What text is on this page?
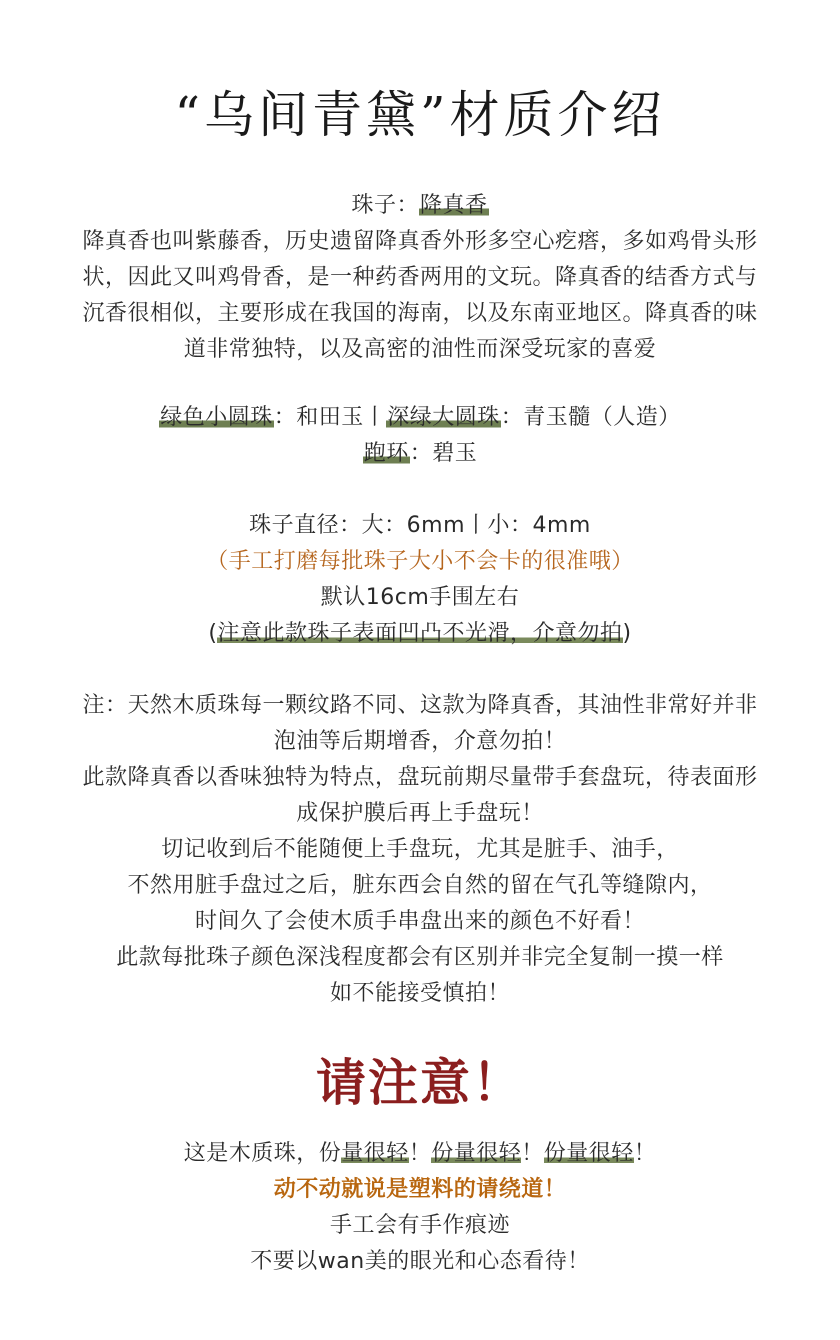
“乌间青黛”材质介绍
珠子：降真香
降真香也叫紫藤香，历史遗留降真香外形多空心疙瘩，多如鸡骨头形
状，因此又叫鸡骨香，是一种药香两用的文玩。降真香的结香方式与
沉香很相似，主要形成在我国的海南，以及东南亚地区。降真香的味
道非常独特，以及高密的油性而深受玩家的喜爱
绿色小圆珠：和田玉丨深绿大圆珠：青玉髓（人造）
跑环：碧玉
珠子直径：大：6mm丨小：4mm
（手工打磨每批珠子大小不会卡的很准哦）
默认16cm手围左右
(注意此款珠子表面凹凸不光滑，介意勿拍)
注：天然木质珠每一颗纹路不同、这款为降真香，其油性非常好并非
泡油等后期增香，介意勿拍！
此款降真香以香味独特为特点，盘玩前期尽量带手套盘玩，待表面形
成保护膜后再上手盘玩！
切记收到后不能随便上手盘玩，尤其是脏手、油手，
不然用脏手盘过之后，脏东西会自然的留在气孔等缝隙内，
时间久了会使木质手串盘出来的颜色不好看！
此款每批珠子颜色深浅程度都会有区别并非完全复制一摸一样
如不能接受慎拍！
请注意！
这是木质珠，份量很轻！份量很轻！份量很轻！
动不动就说是塑料的请绕道！
手工会有手作痕迹
不要以wan美的眼光和心态看待！
